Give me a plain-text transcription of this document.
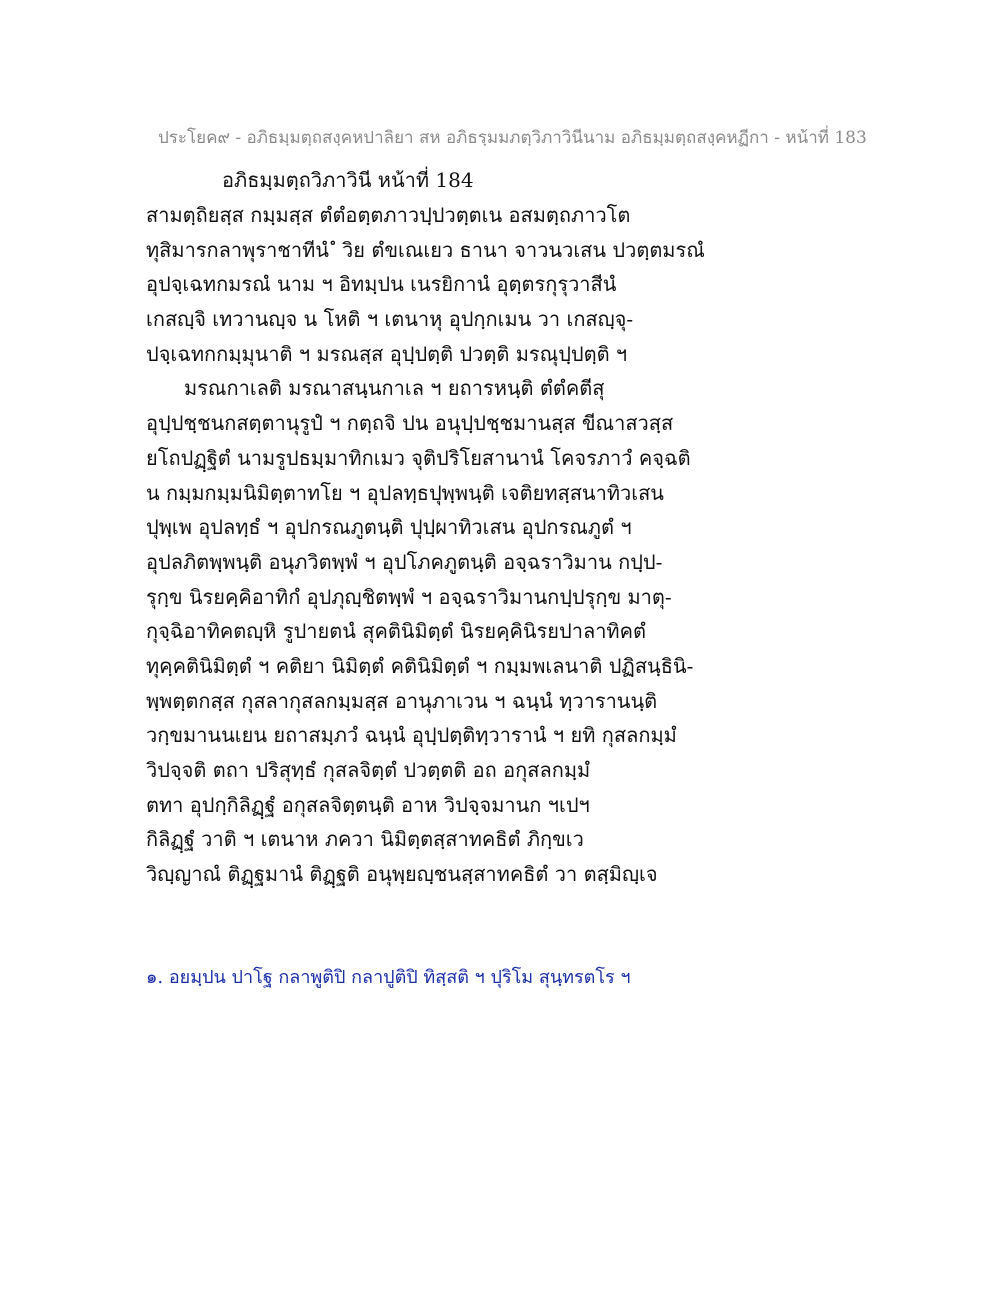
ประโยค๙ - อภิธมฺมตฺถสงฺคหปาลิยา สห อภิธรฺมมภตฺวิภาวินีนาม อภิธมฺมตฺถสงฺคหฏีกา - หน้าที่ 183
อภิธมฺมตฺถวิภาวินี หน้าที่ 184
สามตฺถิยสฺส กมฺมสฺส ตํตํอตฺตภาวปฺปวตฺตเน อสมตฺถภาวโต
ทุสิมารกลาพุราชาทีนํ ํ วิย ตํขเณเยว ธานา จาวนวเสน ปวตฺตมรณํ
อุปจฺเฉทกมรณํ นาม ฯ อิทมฺปน เนรยิกานํ อุตฺตรกุรุวาสีนํ
เกสญฺจิ เทวานญฺจ น โหติ ฯ เตนาหุ อุปกฺกเมน วา เกสญฺจุ-
ปจฺเฉทกกมฺมุนาติ ฯ มรณสฺส อุปฺปตฺติ ปวตฺติ มรณุปฺปตฺติ ฯ
มรณกาเลติ มรณาสนฺนกาเล ฯ ยถารหนฺติ ตํตํคตีสุ
อุปฺปชฺชนกสตฺตานุรูปํ ฯ กตฺถจิ ปน อนุปฺปชฺชมานสฺส ขีณาสวสฺส
ยโถปฏฺฐิตํ นามรูปธมฺมาทิกเมว จุติปริโยสานานํ โคจรภาวํ คจฺฉติ
น กมฺมกมฺมนิมิตฺตาทโย ฯ อุปลทฺธปุพฺพนฺติ เจติยทสฺสนาทิวเสน
ปุพฺเพ อุปลทฺธํ ฯ อุปกรณภูตนฺติ ปุปฺผาทิวเสน อุปกรณภูตํ ฯ
อุปลภิตพฺพนฺติ อนุภวิตพฺพํ ฯ อุปโภคภูตนฺติ อจฺฉราวิมาน กปฺป-
รุกฺข นิรยคฺคิอาทิกํ อุปภุญฺชิตพฺพํ ฯ อจฺฉราวิมานกปฺปรุกฺข มาตุ-
กุจฺฉิอาทิคตญฺหิ รูปายตนํ สุคตินิมิตฺตํ นิรยคฺคินิรยปาลาทิคตํ
ทุคฺคตินิมิตฺตํ ฯ คติยา นิมิตฺตํ คตินิมิตฺตํ ฯ กมฺมพเลนาติ ปฏิสนฺธินิ-
พฺพตฺตกสฺส กุสลากุสลกมฺมสฺส อานุภาเวน ฯ ฉนฺนํ ทฺวารานนฺติ
วกฺขมานนเยน ยถาสมฺภวํ ฉนฺนํ อุปฺปตฺติทฺวารานํ ฯ ยทิ กุสลกมฺมํ
วิปจฺจติ ตถา ปริสุทฺธํ กุสลจิตฺตํ ปวตฺตติ อถ อกุสลกมฺมํ
ตทา อุปกฺกิลิฏฺฐํ อกุสลจิตฺตนฺติ อาห วิปจฺจมานก ฯเปฯ
กิลิฏฺฐํ วาติ ฯ เตนาห ภควา นิมิตฺตสฺสาทคธิตํ ภิกฺขเว
วิญฺญาณํ ติฏฺฐมานํ ติฏฺฐติ อนุพฺยญฺชนสฺสาทคธิตํ วา ตสฺมิญฺเจ
๑. อยมฺปน ปาโฐ กลาพูติปิ กลาปูติปิ ทิสฺสติ ฯ ปุริโม สุนฺทรตโร ฯ
